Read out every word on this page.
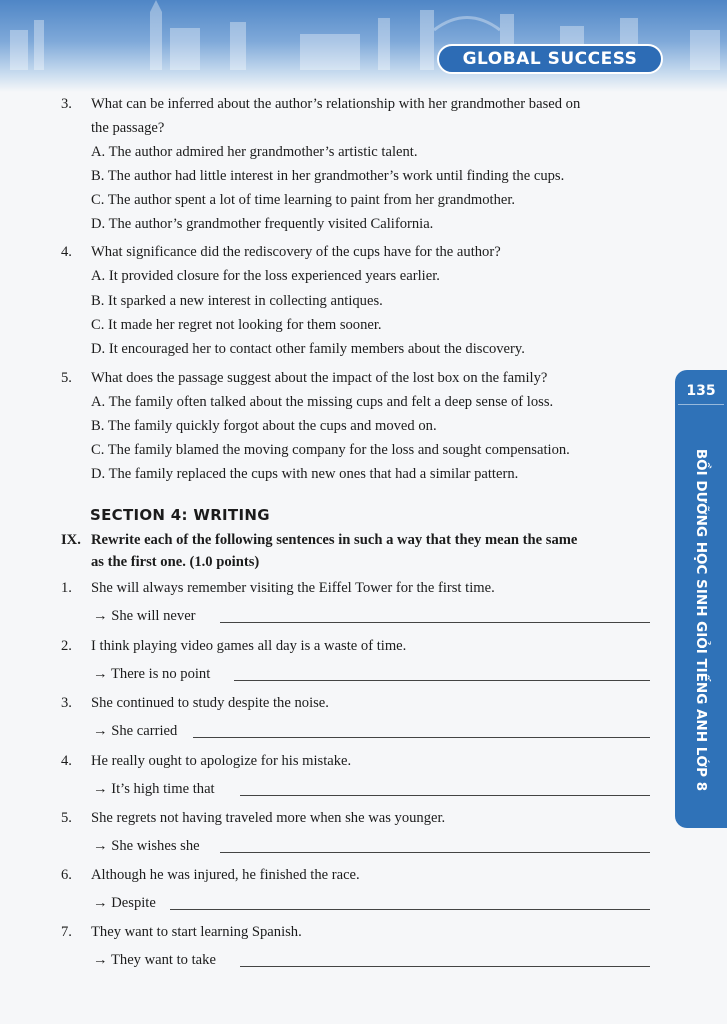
GLOBAL SUCCESS
135
BỒI DƯỠNG HỌC SINH GIỎI TIẾNG ANH LỚP 8
3. What can be inferred about the author’s relationship with her grandmother based on
the passage?
A. The author admired her grandmother’s artistic talent.
B. The author had little interest in her grandmother’s work until finding the cups.
C. The author spent a lot of time learning to paint from her grandmother.
D. The author’s grandmother frequently visited California.
4. What significance did the rediscovery of the cups have for the author?
A. It provided closure for the loss experienced years earlier.
B. It sparked a new interest in collecting antiques.
C. It made her regret not looking for them sooner.
D. It encouraged her to contact other family members about the discovery.
5. What does the passage suggest about the impact of the lost box on the family?
A. The family often talked about the missing cups and felt a deep sense of loss.
B. The family quickly forgot about the cups and moved on.
C. The family blamed the moving company for the loss and sought compensation.
D. The family replaced the cups with new ones that had a similar pattern.
SECTION 4: WRITING
IX. Rewrite each of the following sentences in such a way that they mean the same
as the first one. (1.0 points)
1. She will always remember visiting the Eiffel Tower for the first time.
→ She will never
2. I think playing video games all day is a waste of time.
→ There is no point
3. She continued to study despite the noise.
→ She carried
4. He really ought to apologize for his mistake.
→ It’s high time that
5. She regrets not having traveled more when she was younger.
→ She wishes she
6. Although he was injured, he finished the race.
→ Despite
7. They want to start learning Spanish.
→ They want to take
